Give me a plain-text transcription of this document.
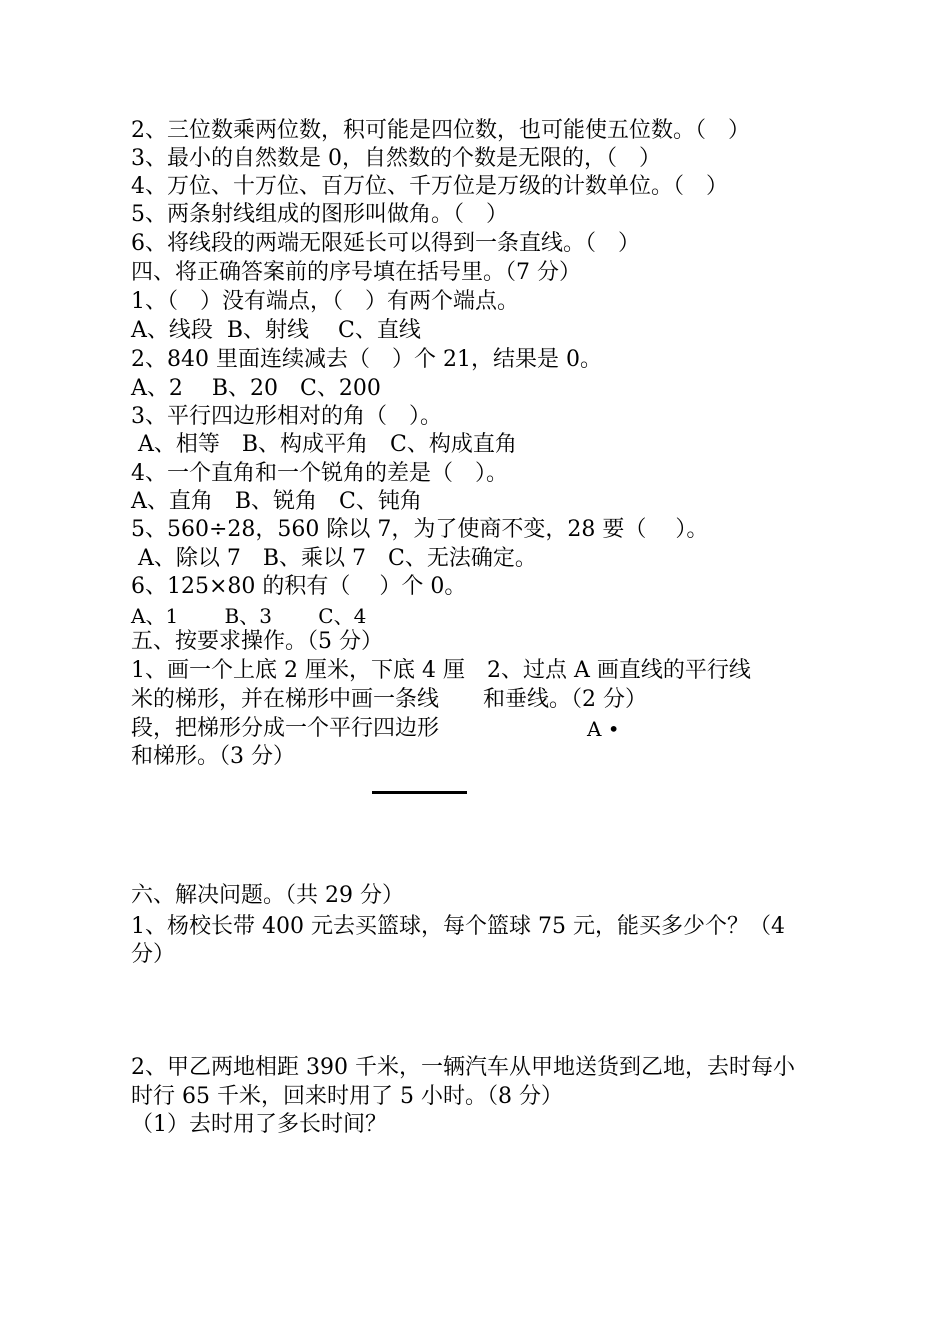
2、三位数乘两位数，积可能是四位数，也可能使五位数。（　）
3、最小的自然数是 0，自然数的个数是无限的，（　）
4、万位、十万位、百万位、千万位是万级的计数单位。（　）
5、两条射线组成的图形叫做角。（　）
6、将线段的两端无限延长可以得到一条直线。（　）
四、将正确答案前的序号填在括号里。（7 分）
1、（　）没有端点，（　）有两个端点。
A、线段  B、射线　 C、直线
2、840 里面连续减去（　）个 21，结果是 0。
A、2　 B、20　C、200
3、平行四边形相对的角（　）。
A、相等　B、构成平角　C、构成直角
4、一个直角和一个锐角的差是（　）。
A、直角　B、锐角　C、钝角
5、560÷28，560 除以 7，为了使商不变，28 要（　 ）。
A、除以 7　B、乘以 7　C、无法确定。
6、125×80 的积有（　 ）个 0。
A、1　　 B、3　　 C、4
五、按要求操作。（5 分）
1、画一个上底 2 厘米，下底 4 厘　2、过点 A 画直线的平行线
米的梯形，并在梯形中画一条线　　和垂线。（2 分）
段，把梯形分成一个平行四边形	A •
和梯形。（3 分）
六、解决问题。（共 29 分）
1、杨校长带 400 元去买篮球，每个篮球 75 元，能买多少个？（4
分）
2、甲乙两地相距 390 千米，一辆汽车从甲地送货到乙地，去时每小
时行 65 千米，回来时用了 5 小时。（8 分）
（1）去时用了多长时间？
